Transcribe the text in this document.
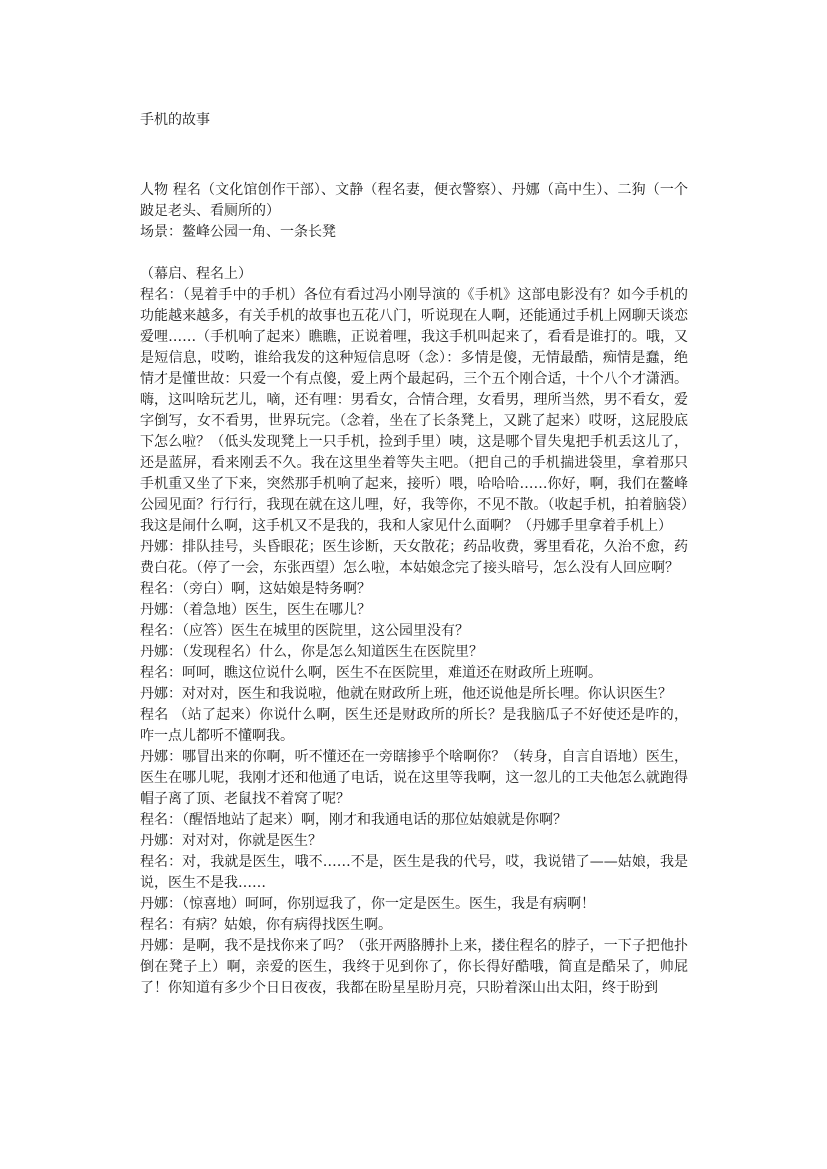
手机的故事

人物 程名（文化馆创作干部）、文静（程名妻，便衣警察）、丹娜（高中生）、二狗（一个跛足老头、看厕所的）

场景：鳌峰公园一角、一条长凳

（幕启、程名上）

程名：（晃着手中的手机）各位有看过冯小刚导演的《手机》这部电影没有？如今手机的功能越来越多，有关手机的故事也五花八门，听说现在人啊，还能通过手机上网聊天谈恋爱哩……（手机响了起来）瞧瞧，正说着哩，我这手机叫起来了，看看是谁打的。哦，又是短信息，哎哟，谁给我发的这种短信息呀（念）：多情是傻，无情最酷，痴情是蠢，绝情才是懂世故：只爱一个有点傻，爱上两个最起码，三个五个刚合适，十个八个才潇洒。嗨，这叫啥玩艺儿，嘀，还有哩：男看女，合情合理，女看男，理所当然，男不看女，爱字倒写，女不看男，世界玩完。（念着，坐在了长条凳上，又跳了起来）哎呀，这屁股底下怎么啦？（低头发现凳上一只手机，捡到手里）咦，这是哪个冒失鬼把手机丢这儿了，还是蓝屏，看来刚丢不久。我在这里坐着等失主吧。（把自己的手机揣进袋里，拿着那只手机重又坐了下来，突然那手机响了起来，接听）喂，哈哈哈……你好，啊，我们在鳌峰公园见面？行行行，我现在就在这儿哩，好，我等你，不见不散。（收起手机，拍着脑袋）我这是闹什么啊，这手机又不是我的，我和人家见什么面啊？（丹娜手里拿着手机上）

丹娜：排队挂号，头昏眼花；医生诊断，天女散花；药品收费，雾里看花，久治不愈，药费白花。（停了一会，东张西望）怎么啦，本姑娘念完了接头暗号，怎么没有人回应啊？

程名：（旁白）啊，这姑娘是特务啊？

丹娜：（着急地）医生，医生在哪儿？

程名：（应答）医生在城里的医院里，这公园里没有？

丹娜：（发现程名）什么，你是怎么知道医生在医院里？

程名：呵呵，瞧这位说什么啊，医生不在医院里，难道还在财政所上班啊。

丹娜：对对对，医生和我说啦，他就在财政所上班，他还说他是所长哩。你认识医生？

程名 （站了起来）你说什么啊，医生还是财政所的所长？是我脑瓜子不好使还是咋的，咋一点儿都听不懂啊我。

丹娜：哪冒出来的你啊，听不懂还在一旁瞎掺乎个啥啊你？（转身，自言自语地）医生，医生在哪儿呢，我刚才还和他通了电话，说在这里等我啊，这一忽儿的工夫他怎么就跑得帽子离了顶、老鼠找不着窝了呢？

程名：（醒悟地站了起来）啊，刚才和我通电话的那位姑娘就是你啊？

丹娜：对对对，你就是医生？

程名：对，我就是医生，哦不……不是，医生是我的代号，哎，我说错了——姑娘，我是说，医生不是我……

丹娜：（惊喜地）呵呵，你别逗我了，你一定是医生。医生，我是有病啊！

程名：有病？姑娘，你有病得找医生啊。

丹娜：是啊，我不是找你来了吗？（张开两胳膊扑上来，搂住程名的脖子，一下子把他扑倒在凳子上）啊，亲爱的医生，我终于见到你了，你长得好酷哦，简直是酷呆了，帅屁了！你知道有多少个日日夜夜，我都在盼星星盼月亮，只盼着深山出太阳，终于盼到
